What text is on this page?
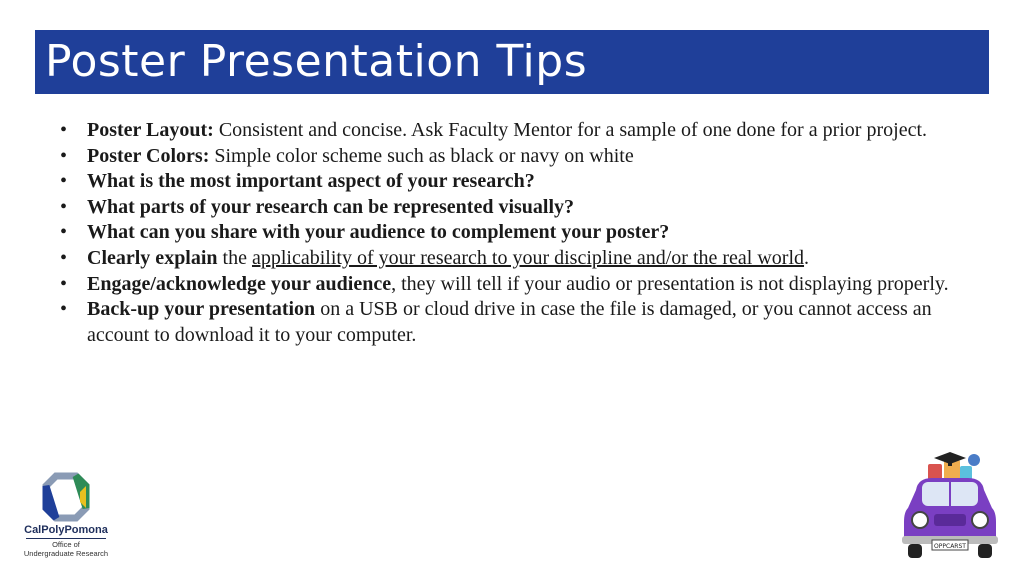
Poster Presentation Tips
• Poster Layout: Consistent and concise. Ask Faculty Mentor for a sample of one done for a prior project.
• Poster Colors: Simple color scheme such as black or navy on white
• What is the most important aspect of your research?
• What parts of your research can be represented visually?
• What can you share with your audience to complement your poster?
• Clearly explain the applicability of your research to your discipline and/or the real world.
• Engage/acknowledge your audience, they will tell if your audio or presentation is not displaying properly.
• Back-up your presentation on a USB or cloud drive in case the file is damaged, or you cannot access an account to download it to your computer.
CalPolyPomona
Office of
Undergraduate Research
OPPCARST
